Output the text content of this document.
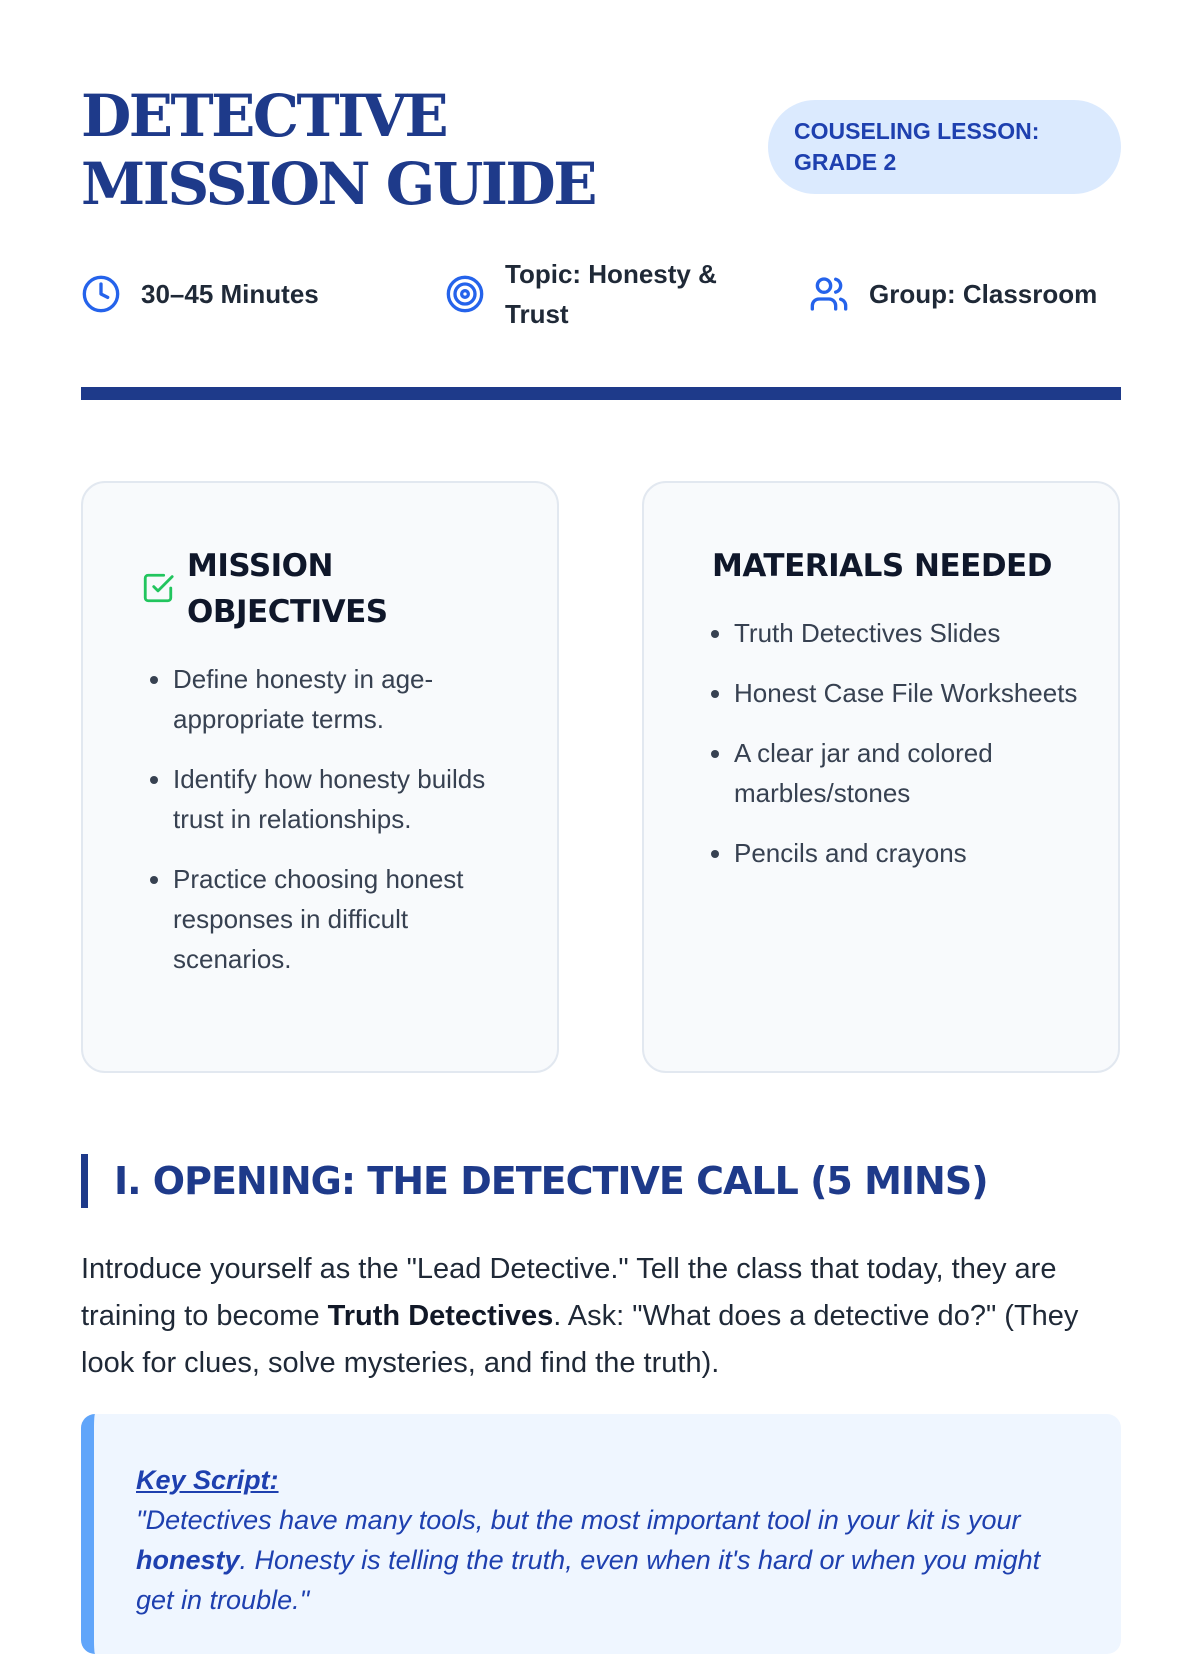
DETECTIVE MISSION GUIDE
COUSELING LESSON: GRADE 2
30–45 Minutes
Topic: Honesty & Trust
Group: Classroom
MISSION OBJECTIVES
• Define honesty in age-appropriate terms.
• Identify how honesty builds trust in relationships.
• Practice choosing honest responses in difficult scenarios.
MATERIALS NEEDED
• Truth Detectives Slides
• Honest Case File Worksheets
• A clear jar and colored marbles/stones
• Pencils and crayons
I. OPENING: THE DETECTIVE CALL (5 MINS)

Introduce yourself as the "Lead Detective." Tell the class that today, they are training to become Truth Detectives. Ask: "What does a detective do?" (They look for clues, solve mysteries, and find the truth).

Key Script:
"Detectives have many tools, but the most important tool in your kit is your honesty. Honesty is telling the truth, even when it's hard or when you might get in trouble."
